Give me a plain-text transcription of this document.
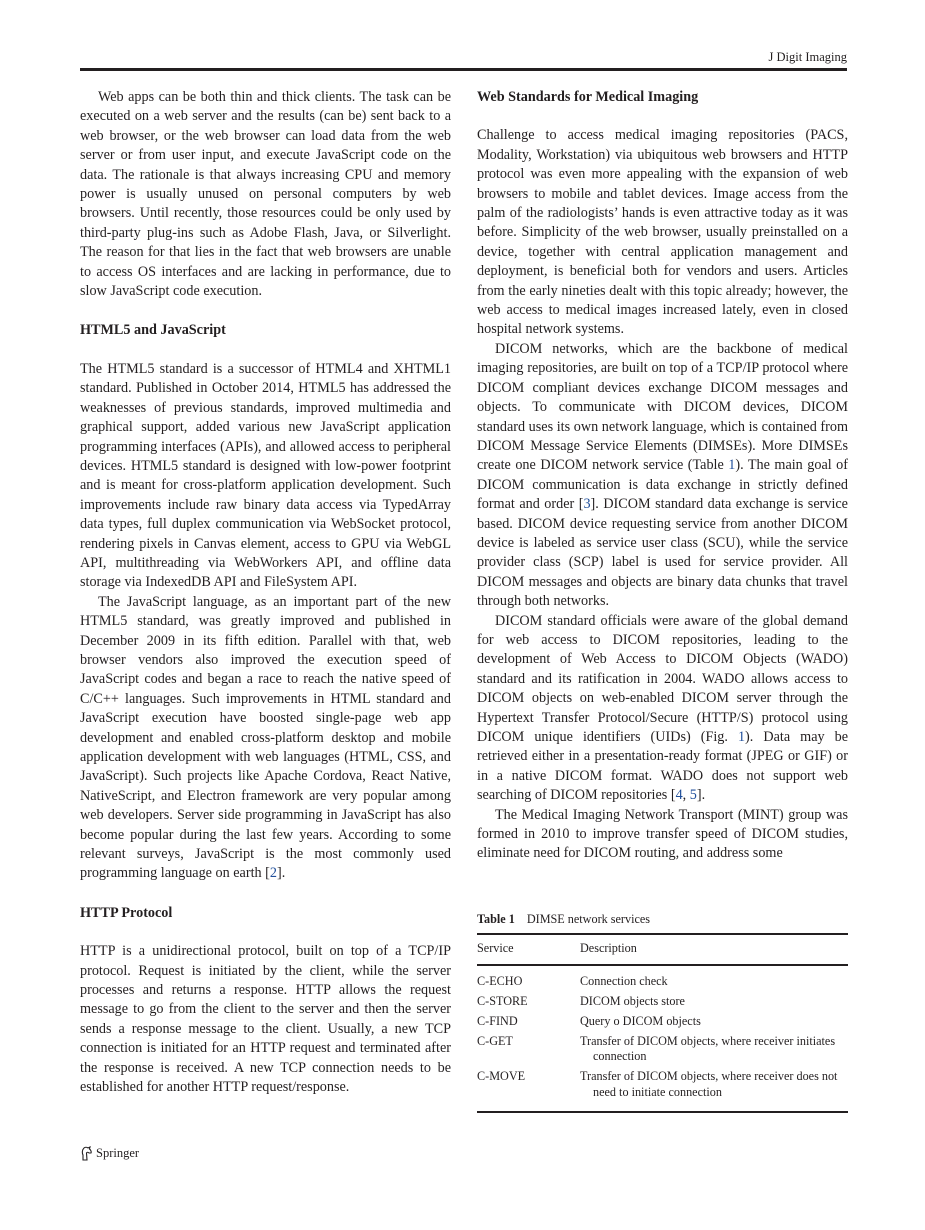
J Digit Imaging

Web apps can be both thin and thick clients. The task can be executed on a web server and the results (can be) sent back to a web browser, or the web browser can load data from the web server or from user input, and execute JavaScript code on the data. The rationale is that always increasing CPU and memory power is usually unused on personal computers by web browsers. Until recently, those resources could be only used by third-party plug-ins such as Adobe Flash, Java, or Silverlight. The reason for that lies in the fact that web browsers are unable to access OS interfaces and are lacking in performance, due to slow JavaScript code execution.

HTML5 and JavaScript

The HTML5 standard is a successor of HTML4 and XHTML1 standard. Published in October 2014, HTML5 has addressed the weaknesses of previous standards, improved multimedia and graphical support, added various new JavaScript application programming interfaces (APIs), and allowed access to peripheral devices. HTML5 standard is designed with low-power footprint and is meant for cross-platform application development. Such improvements include raw binary data access via TypedArray data types, full duplex communication via WebSocket protocol, rendering pixels in Canvas element, access to GPU via WebGL API, multithreading via WebWorkers API, and offline data storage via IndexedDB API and FileSystem API.

The JavaScript language, as an important part of the new HTML5 standard, was greatly improved and published in December 2009 in its fifth edition. Parallel with that, web browser vendors also improved the execution speed of JavaScript codes and began a race to reach the native speed of C/C++ languages. Such improvements in HTML standard and JavaScript execution have boosted single-page web app development and enabled cross-platform desktop and mobile application development with web languages (HTML, CSS, and JavaScript). Such projects like Apache Cordova, React Native, NativeScript, and Electron framework are very popular among web developers. Server side programming in JavaScript has also become popular during the last few years. According to some relevant surveys, JavaScript is the most commonly used programming language on earth [2].

HTTP Protocol

HTTP is a unidirectional protocol, built on top of a TCP/IP protocol. Request is initiated by the client, while the server processes and returns a response. HTTP allows the request message to go from the client to the server and then the server sends a response message to the client. Usually, a new TCP connection is initiated for an HTTP request and terminated after the response is received. A new TCP connection needs to be established for another HTTP request/response.

Web Standards for Medical Imaging

Challenge to access medical imaging repositories (PACS, Modality, Workstation) via ubiquitous web browsers and HTTP protocol was even more appealing with the expansion of web browsers to mobile and tablet devices. Image access from the palm of the radiologists’ hands is even attractive today as it was before. Simplicity of the web browser, usually preinstalled on a device, together with central application management and deployment, is beneficial both for vendors and users. Articles from the early nineties dealt with this topic already; however, the web access to medical images increased lately, even in closed hospital network systems.

DICOM networks, which are the backbone of medical imaging repositories, are built on top of a TCP/IP protocol where DICOM compliant devices exchange DICOM messages and objects. To communicate with DICOM devices, DICOM standard uses its own network language, which is contained from DICOM Message Service Elements (DIMSEs). More DIMSEs create one DICOM network service (Table 1). The main goal of DICOM communication is data exchange in strictly defined format and order [3]. DICOM standard data exchange is service based. DICOM device requesting service from another DICOM device is labeled as service user class (SCU), while the service provider class (SCP) label is used for service provider. All DICOM messages and objects are binary data chunks that travel through both networks.

DICOM standard officials were aware of the global demand for web access to DICOM repositories, leading to the development of Web Access to DICOM Objects (WADO) standard and its ratification in 2004. WADO allows access to DICOM objects on web-enabled DICOM server through the Hypertext Transfer Protocol/Secure (HTTP/S) protocol using DICOM unique identifiers (UIDs) (Fig. 1). Data may be retrieved either in a presentation-ready format (JPEG or GIF) or in a native DICOM format. WADO does not support web searching of DICOM repositories [4, 5].

The Medical Imaging Network Transport (MINT) group was formed in 2010 to improve transfer speed of DICOM studies, eliminate need for DICOM routing, and address some

Table 1 DIMSE network services
Service	Description
C-ECHO	Connection check
C-STORE	DICOM objects store
C-FIND	Query o DICOM objects
C-GET	Transfer of DICOM objects, where receiver initiates connection
C-MOVE	Transfer of DICOM objects, where receiver does not need to initiate connection
Springer
